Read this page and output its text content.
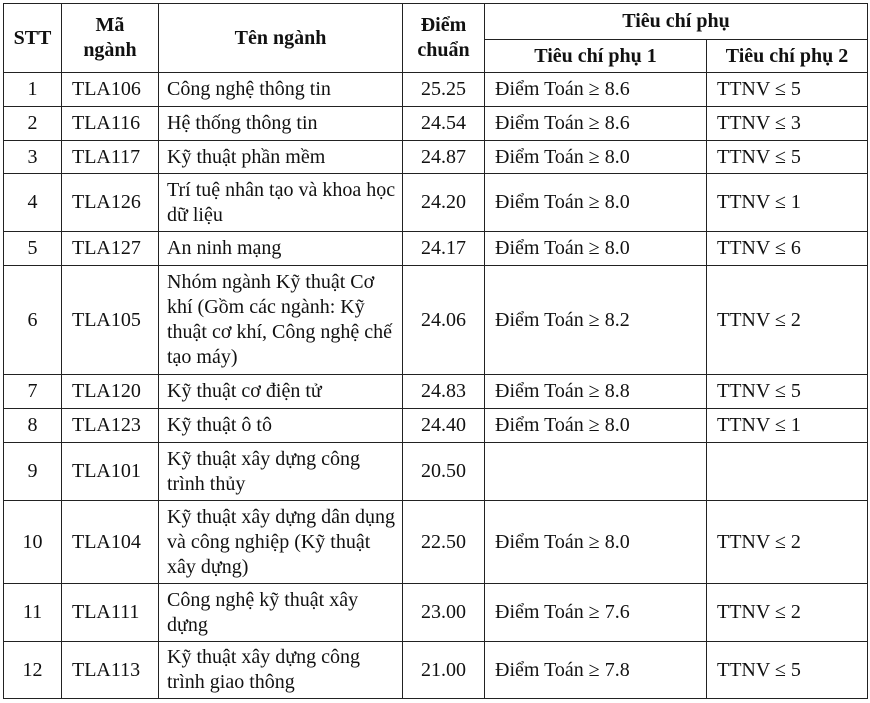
STT	Mã ngành	Tên ngành	Điểm chuẩn	Tiêu chí phụ	
				Tiêu chí phụ 1	Tiêu chí phụ 2
1	TLA106	Công nghệ thông tin	25.25	Điểm Toán ≥ 8.6	TTNV ≤ 5
2	TLA116	Hệ thống thông tin	24.54	Điểm Toán ≥ 8.6	TTNV ≤ 3
3	TLA117	Kỹ thuật phần mềm	24.87	Điểm Toán ≥ 8.0	TTNV ≤ 5
4	TLA126	Trí tuệ nhân tạo và khoa học dữ liệu	24.20	Điểm Toán ≥ 8.0	TTNV ≤ 1
5	TLA127	An ninh mạng	24.17	Điểm Toán ≥ 8.0	TTNV ≤ 6
6	TLA105	Nhóm ngành Kỹ thuật Cơ khí (Gồm các ngành: Kỹ thuật cơ khí, Công nghệ chế tạo máy)	24.06	Điểm Toán ≥ 8.2	TTNV ≤ 2
7	TLA120	Kỹ thuật cơ điện tử	24.83	Điểm Toán ≥ 8.8	TTNV ≤ 5
8	TLA123	Kỹ thuật ô tô	24.40	Điểm Toán ≥ 8.0	TTNV ≤ 1
9	TLA101	Kỹ thuật xây dựng công trình thủy	20.50		
10	TLA104	Kỹ thuật xây dựng dân dụng và công nghiệp (Kỹ thuật xây dựng)	22.50	Điểm Toán ≥ 8.0	TTNV ≤ 2
11	TLA111	Công nghệ kỹ thuật xây dựng	23.00	Điểm Toán ≥ 7.6	TTNV ≤ 2
12	TLA113	Kỹ thuật xây dựng công trình giao thông	21.00	Điểm Toán ≥ 7.8	TTNV ≤ 5
